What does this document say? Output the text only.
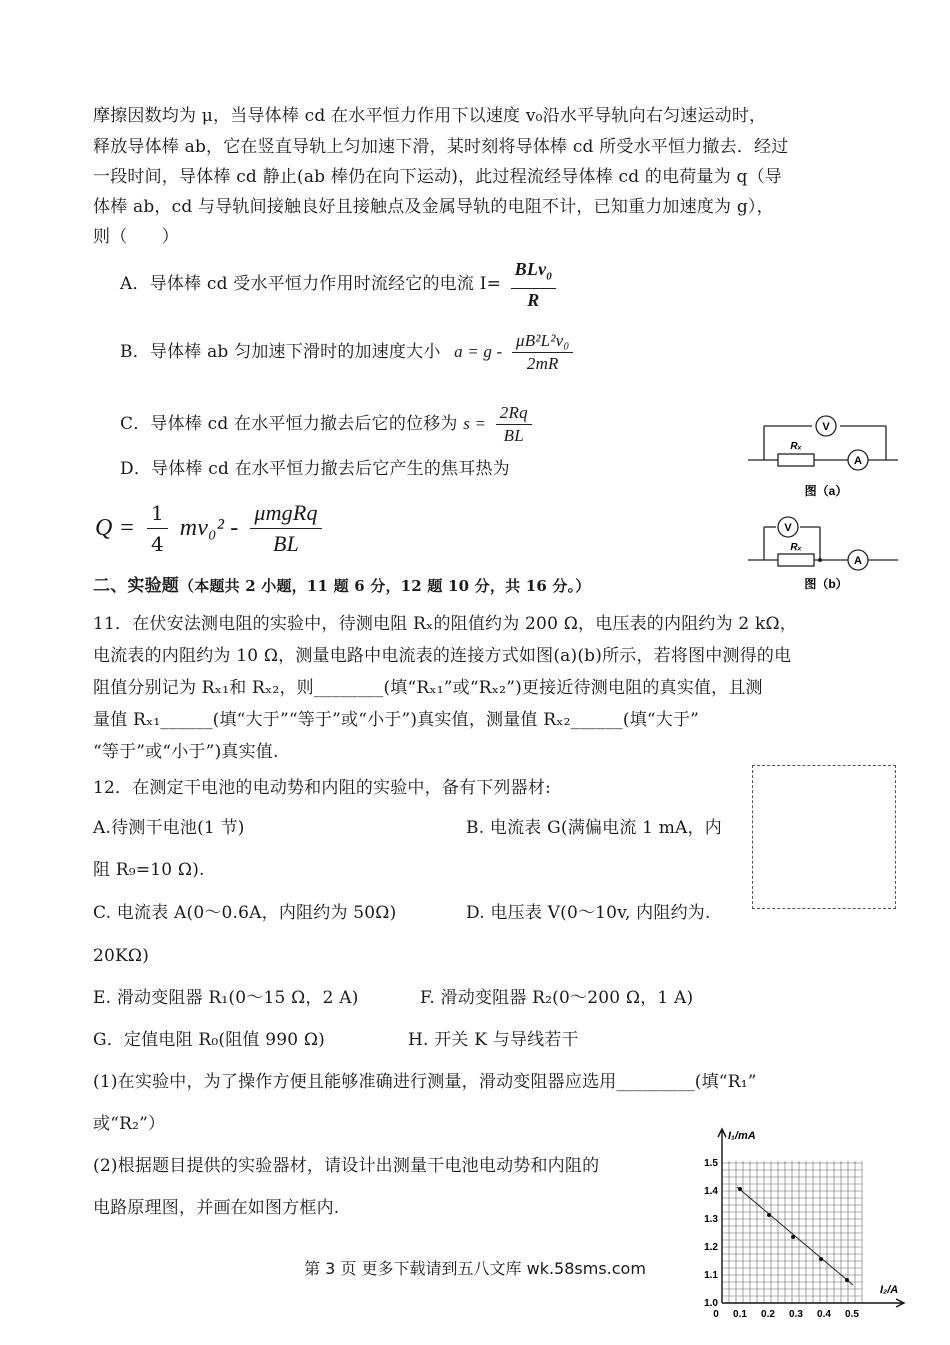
摩擦因数均为 μ，当导体棒 cd 在水平恒力作用下以速度 v₀沿水平导轨向右匀速运动时，
释放导体棒 ab，它在竖直导轨上匀加速下滑，某时刻将导体棒 cd 所受水平恒力撤去．经过
一段时间，导体棒 cd 静止(ab 棒仍在向下运动)，此过程流经导体棒 cd 的电荷量为 q（导
体棒 ab，cd 与导轨间接触良好且接触点及金属导轨的电阻不计，已知重力加速度为 g），
则（　　）
A．导体棒 cd 受水平恒力作用时流经它的电流 $I= \frac{BLv_0}{R}$
B．导体棒 ab 匀加速下滑时的加速度大小 $a = g - \frac{\text{μB²L²v₀}}{2mR}$
C．导体棒 cd 在水平恒力撤去后它的位移为 $s = \frac{2Rq}{BL}$
D．导体棒 cd 在水平恒力撤去后它产生的焦耳热为
$Q = \frac{1}{4} mv_0^2 - \frac{\text{μmgRq}}{BL}$
二、实验题（本题共 2 小题，11 题 6 分，12 题 10 分，共 16 分。）
11．在伏安法测电阻的实验中，待测电阻 Rₓ的阻值约为 200 Ω，电压表的内阻约为 2 kΩ，
电流表的内阻约为 10 Ω，测量电路中电流表的连接方式如图(a)(b)所示，若将图中测得的电
阻值分别记为 Rₓ₁和 Rₓ₂，则________(填“Rₓ₁”或“Rₓ₂”)更接近待测电阻的真实值，且测
量值 Rₓ₁______(填“大于”“等于”或“小于”)真实值，测量值 Rₓ₂______(填“大于”
“等于”或“小于”)真实值.
12．在测定干电池的电动势和内阻的实验中，备有下列器材:
A.待测干电池(1 节)	B. 电流表 G(满偏电流 1 mA，内
阻 R₉=10 Ω).
C. 电流表 A(0～0.6A，内阻约为 50Ω)	D. 电压表 V(0～10v, 内阻约为.
20KΩ)
E. 滑动变阻器 R₁(0～15 Ω，2 A)	F. 滑动变阻器 R₂(0～200 Ω，1 A)
G．定值电阻 R₀(阻值 990 Ω)	H. 开关 K 与导线若干
(1)在实验中，为了操作方便且能够准确进行测量，滑动变阻器应选用_________(填“R₁”
或“R₂”）
(2)根据题目提供的实验器材，请设计出测量干电池电动势和内阻的
电路原理图，并画在如图方框内.
V
A
Rₓ
图（a）
V
A
Rₓ
图（b）
I₁/mA
I₂/A
1.5
1.4
1.3
1.2
1.1
1.0
0 0.1 0.2 0.3 0.4 0.5
第 3 页 更多下载请到五八文库 wk.58sms.com
